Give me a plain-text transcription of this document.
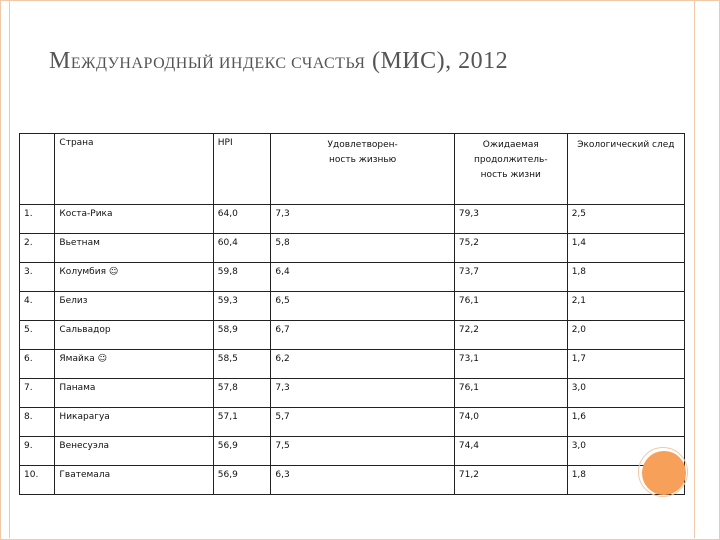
МЕЖДУНАРОДНЫЙ ИНДЕКС СЧАСТЬЯ (МИС), 2012
	Страна	HPI	Удовлетворен-ность жизнью	Ожидаемая продолжитель-ность жизни	Экологический след
1.	Коста-Рика	64,0	7,3	79,3	2,5
2.	Вьетнам	60,4	5,8	75,2	1,4
3.	Колумбия ☺	59,8	6,4	73,7	1,8
4.	Белиз	59,3	6,5	76,1	2,1
5.	Сальвадор	58,9	6,7	72,2	2,0
6.	Ямайка ☺	58,5	6,2	73,1	1,7
7.	Панама	57,8	7,3	76,1	3,0
8.	Никарагуа	57,1	5,7	74,0	1,6
9.	Венесуэла	56,9	7,5	74,4	3,0
10.	Гватемала	56,9	6,3	71,2	1,8
